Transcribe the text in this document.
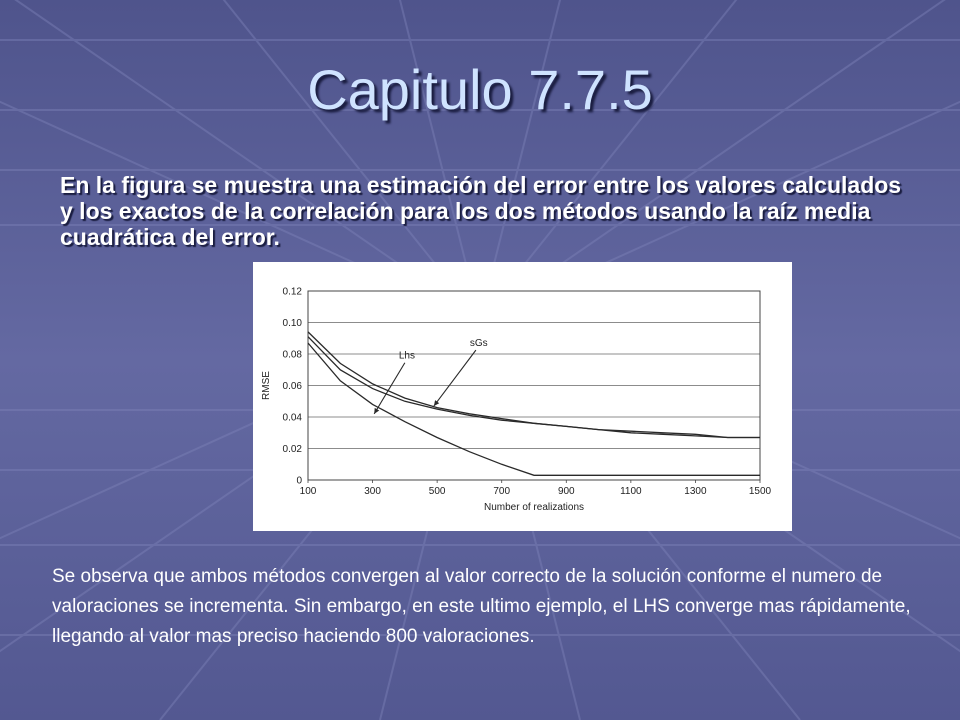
Capitulo 7.7.5
En la figura se muestra una estimación del error entre los valores calculados y los exactos de la correlación para los dos métodos usando la raíz media cuadrática del error.
0
0.02
0.04
0.06
0.08
0.10
0.12
100	300	500	700	900	1100	1300	1500
Lhs
sGs
RMSE
Number of realizations
Se observa que ambos métodos convergen al valor correcto de la solución conforme el numero de valoraciones se incrementa. Sin embargo, en este ultimo ejemplo, el LHS converge mas rápidamente, llegando al valor mas preciso haciendo 800 valoraciones.
